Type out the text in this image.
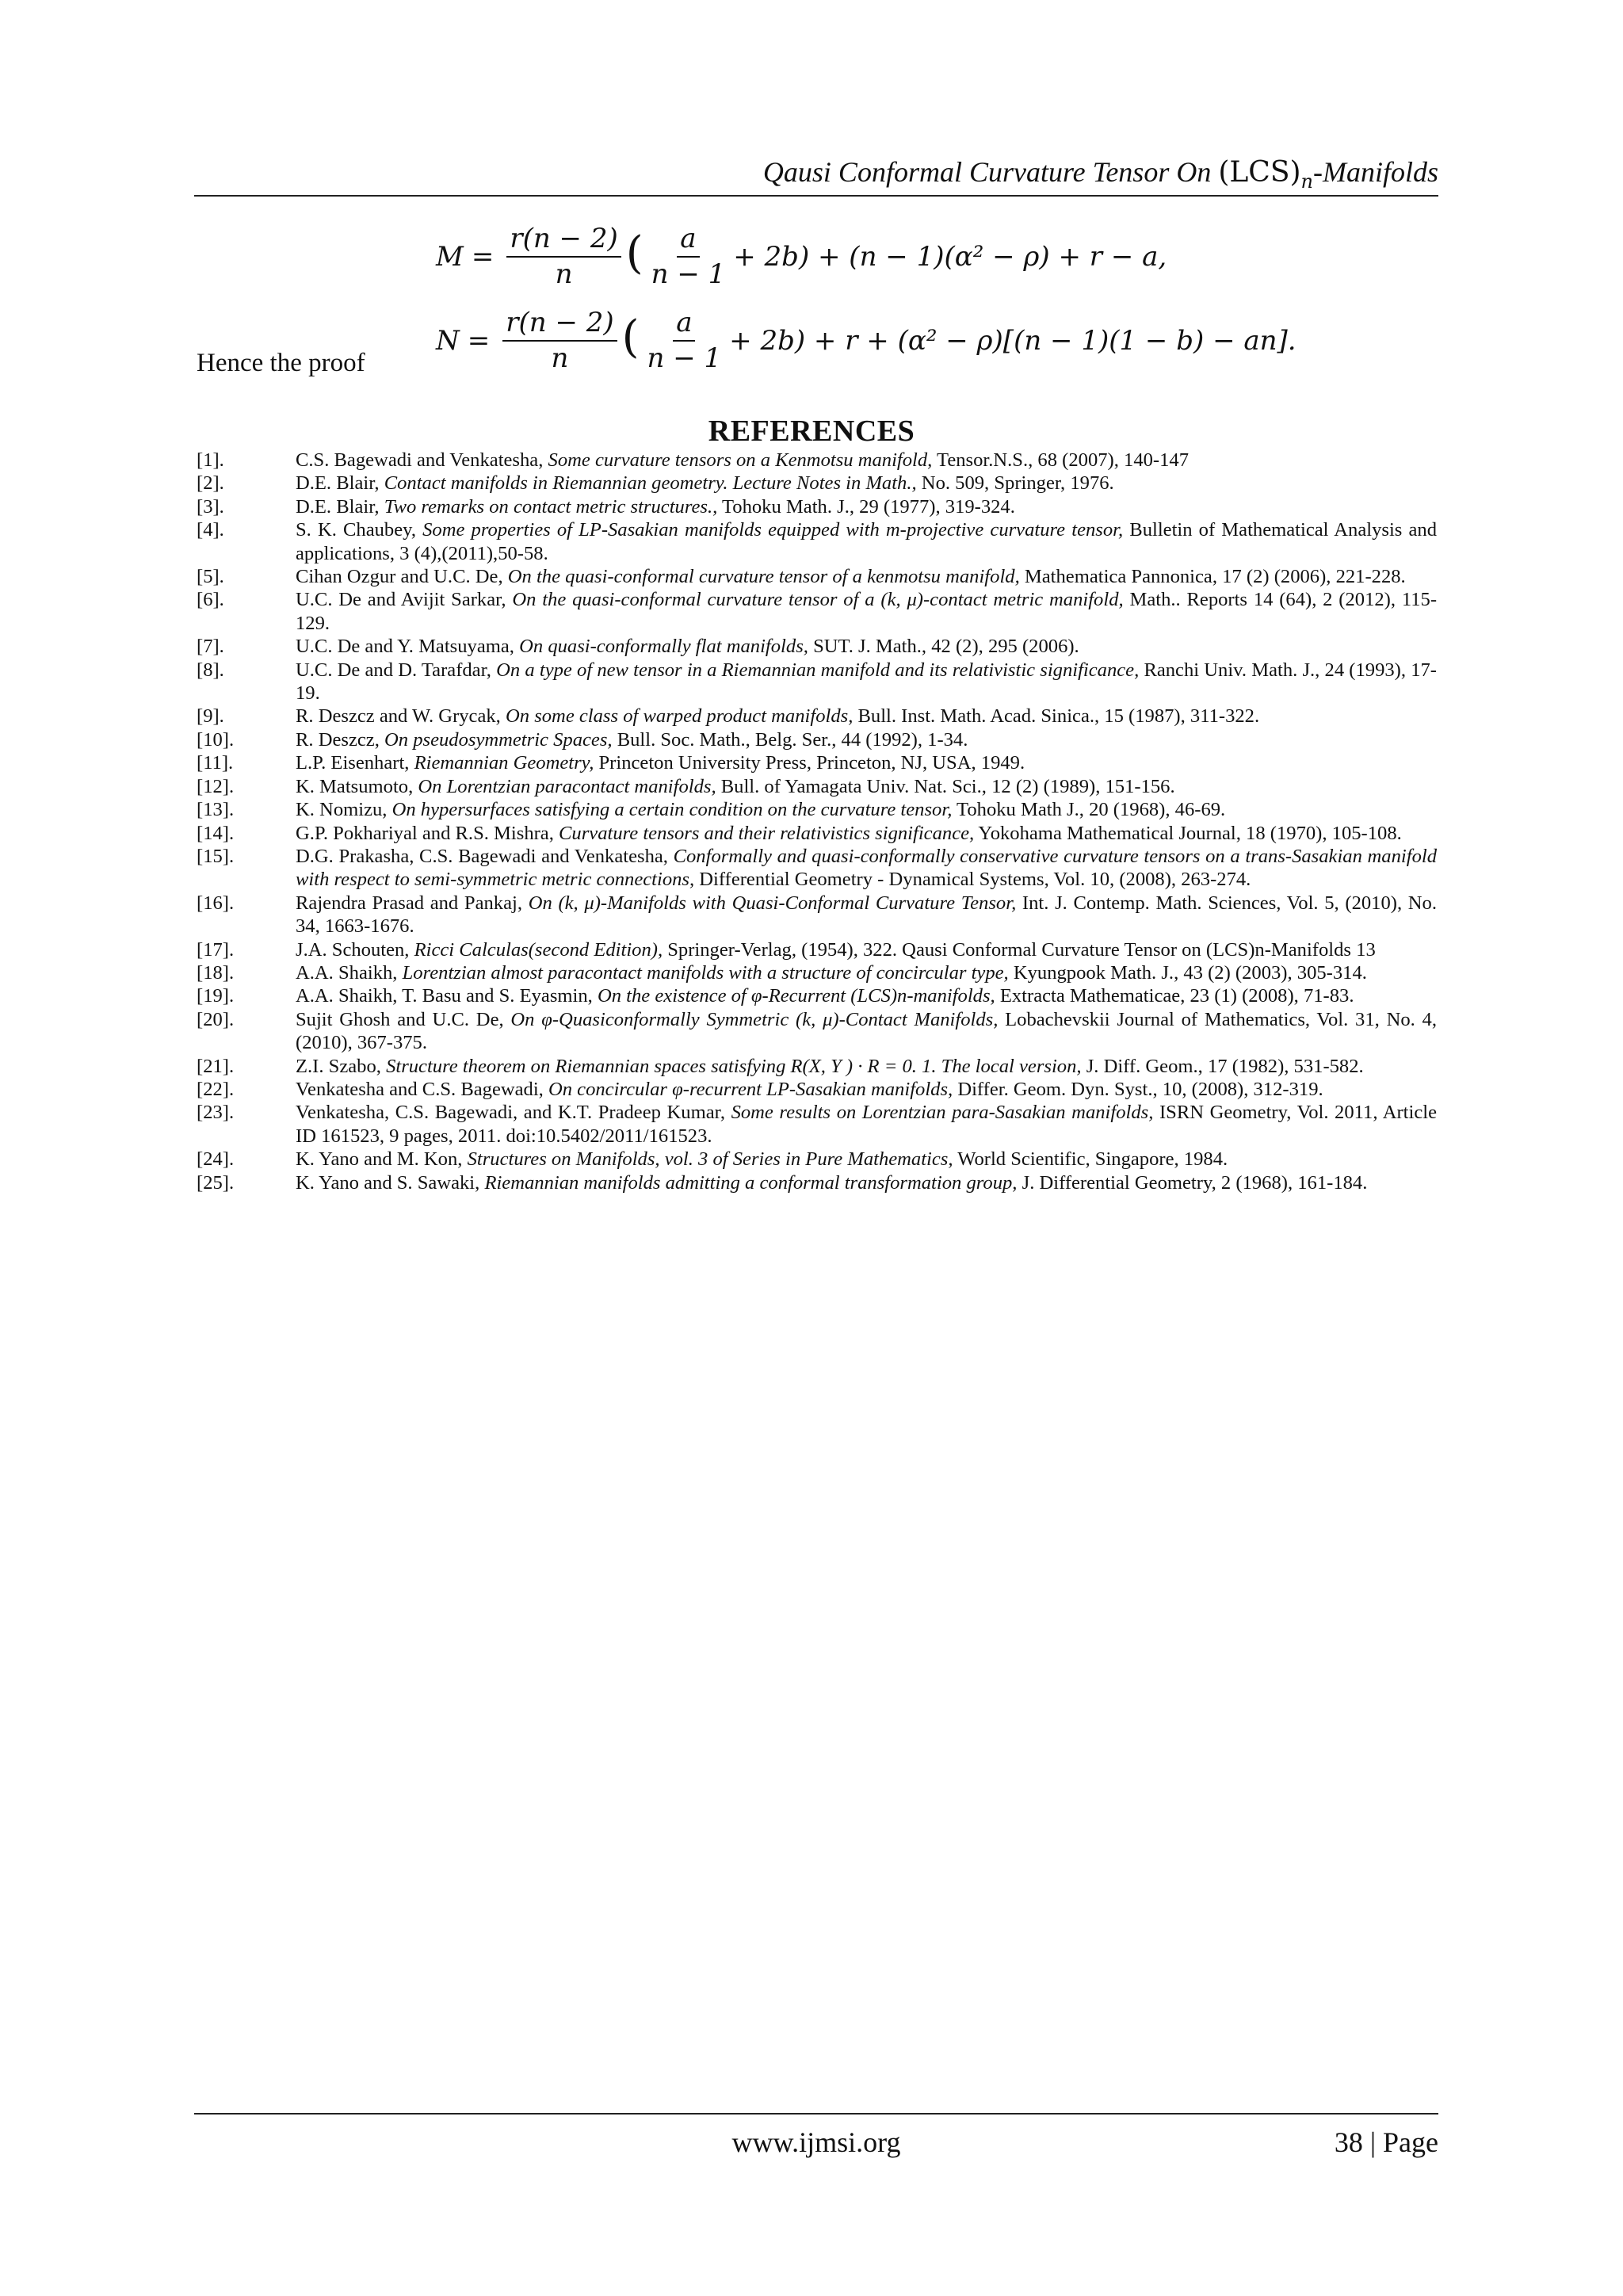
Qausi Conformal Curvature Tensor On $(LCS)_n$-Manifolds
$M = \frac{r(n - 2)}{n}$ ( $\frac{a}{n - 1} + 2b) + (n - 1)(\alpha^2 - \rho) + r - a$,
$N = \frac{r(n - 2)}{n}$ ( $\frac{a}{n - 1} + 2b) + r + (\alpha^2 - \rho)[(n - 1)(1 - b) - an]$.
Hence the proof
REFERENCES
[1].	C.S. Bagewadi and Venkatesha, Some curvature tensors on a Kenmotsu manifold, Tensor.N.S., 68 (2007), 140-147
[2].	D.E. Blair, Contact manifolds in Riemannian geometry. Lecture Notes in Math., No. 509, Springer, 1976.
[3].	D.E. Blair, Two remarks on contact metric structures., Tohoku Math. J., 29 (1977), 319-324.
[4].	S. K. Chaubey, Some properties of LP-Sasakian manifolds equipped with m-projective curvature tensor, Bulletin of Mathematical Analysis and applications, 3 (4),(2011),50-58.
[5].	Cihan Ozgur and U.C. De, On the quasi-conformal curvature tensor of a kenmotsu manifold, Mathematica Pannonica, 17 (2) (2006), 221-228.
[6].	U.C. De and Avijit Sarkar, On the quasi-conformal curvature tensor of a (k, μ)-contact metric manifold, Math.. Reports 14 (64), 2 (2012), 115-129.
[7].	U.C. De and Y. Matsuyama, On quasi-conformally flat manifolds, SUT. J. Math., 42 (2), 295 (2006).
[8].	U.C. De and D. Tarafdar, On a type of new tensor in a Riemannian manifold and its relativistic significance, Ranchi Univ. Math. J., 24 (1993), 17-19.
[9].	R. Deszcz and W. Grycak, On some class of warped product manifolds, Bull. Inst. Math. Acad. Sinica., 15 (1987), 311-322.
[10].	R. Deszcz, On pseudosymmetric Spaces, Bull. Soc. Math., Belg. Ser., 44 (1992), 1-34.
[11].	L.P. Eisenhart, Riemannian Geometry, Princeton University Press, Princeton, NJ, USA, 1949.
[12].	K. Matsumoto, On Lorentzian paracontact manifolds, Bull. of Yamagata Univ. Nat. Sci., 12 (2) (1989), 151-156.
[13].	K. Nomizu, On hypersurfaces satisfying a certain condition on the curvature tensor, Tohoku Math J., 20 (1968), 46-69.
[14].	G.P. Pokhariyal and R.S. Mishra, Curvature tensors and their relativistics significance, Yokohama Mathematical Journal, 18 (1970), 105-108.
[15].	D.G. Prakasha, C.S. Bagewadi and Venkatesha, Conformally and quasi-conformally conservative curvature tensors on a trans-Sasakian manifold with respect to semi-symmetric metric connections, Differential Geometry - Dynamical Systems, Vol. 10, (2008), 263-274.
[16].	Rajendra Prasad and Pankaj, On (k, μ)-Manifolds with Quasi-Conformal Curvature Tensor, Int. J. Contemp. Math. Sciences, Vol. 5, (2010), No. 34, 1663-1676.
[17].	J.A. Schouten, Ricci Calculas(second Edition), Springer-Verlag, (1954), 322. Qausi Conformal Curvature Tensor on (LCS)n-Manifolds 13
[18].	A.A. Shaikh, Lorentzian almost paracontact manifolds with a structure of concircular type, Kyungpook Math. J., 43 (2) (2003), 305-314.
[19].	A.A. Shaikh, T. Basu and S. Eyasmin, On the existence of φ-Recurrent (LCS)n-manifolds, Extracta Mathematicae, 23 (1) (2008), 71-83.
[20].	Sujit Ghosh and U.C. De, On φ-Quasiconformally Symmetric (k, μ)-Contact Manifolds, Lobachevskii Journal of Mathematics, Vol. 31, No. 4, (2010), 367-375.
[21].	Z.I. Szabo, Structure theorem on Riemannian spaces satisfying R(X, Y ) · R = 0. 1. The local version, J. Diff. Geom., 17 (1982), 531-582.
[22].	Venkatesha and C.S. Bagewadi, On concircular φ-recurrent LP-Sasakian manifolds, Differ. Geom. Dyn. Syst., 10, (2008), 312-319.
[23].	Venkatesha, C.S. Bagewadi, and K.T. Pradeep Kumar, Some results on Lorentzian para-Sasakian manifolds, ISRN Geometry, Vol. 2011, Article ID 161523, 9 pages, 2011. doi:10.5402/2011/161523.
[24].	K. Yano and M. Kon, Structures on Manifolds, vol. 3 of Series in Pure Mathematics, World Scientific, Singapore, 1984.
[25].	K. Yano and S. Sawaki, Riemannian manifolds admitting a conformal transformation group, J. Differential Geometry, 2 (1968), 161-184.
www.ijmsi.org	38 | Page
